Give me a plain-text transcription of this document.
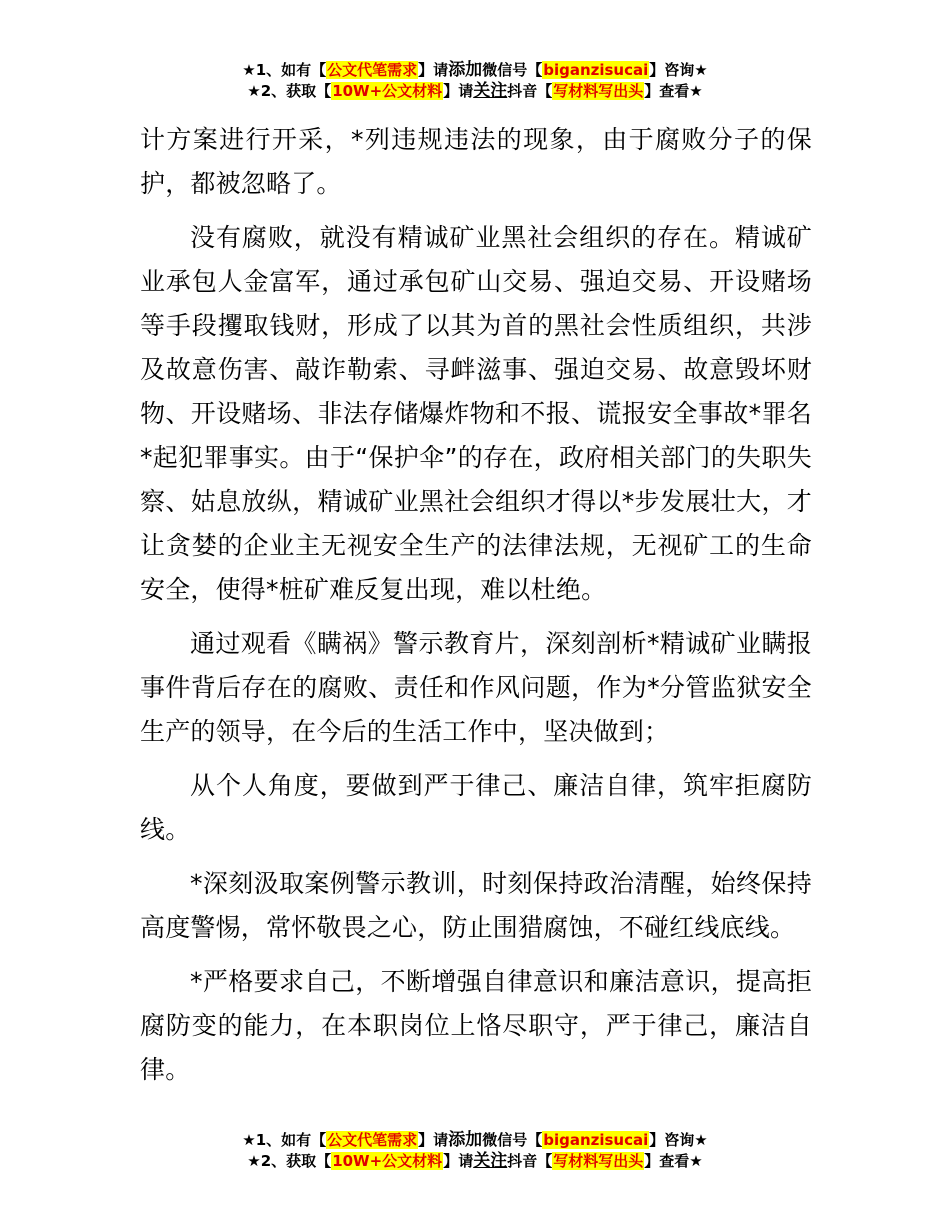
★1、如有【公文代笔需求】请添加微信号【biganzisucai】咨询★
★2、获取【10W+公文材料】请关注抖音【写材料写出头】查看★

计方案进行开采，*列违规违法的现象，由于腐败分子的保护，都被忽略了。

没有腐败，就没有精诚矿业黑社会组织的存在。精诚矿业承包人金富军，通过承包矿山交易、强迫交易、开设赌场等手段攫取钱财，形成了以其为首的黑社会性质组织，共涉及故意伤害、敲诈勒索、寻衅滋事、强迫交易、故意毁坏财物、开设赌场、非法存储爆炸物和不报、谎报安全事故*罪名*起犯罪事实。由于“保护伞”的存在，政府相关部门的失职失察、姑息放纵，精诚矿业黑社会组织才得以*步发展壮大，才让贪婪的企业主无视安全生产的法律法规，无视矿工的生命安全，使得*桩矿难反复出现，难以杜绝。

通过观看《瞒祸》警示教育片，深刻剖析*精诚矿业瞒报事件背后存在的腐败、责任和作风问题，作为*分管监狱安全生产的领导，在今后的生活工作中，坚决做到；

从个人角度，要做到严于律己、廉洁自律，筑牢拒腐防线。

*深刻汲取案例警示教训，时刻保持政治清醒，始终保持高度警惕，常怀敬畏之心，防止围猎腐蚀，不碰红线底线。

*严格要求自己，不断增强自律意识和廉洁意识，提高拒腐防变的能力，在本职岗位上恪尽职守，严于律己，廉洁自律。

★1、如有【公文代笔需求】请添加微信号【biganzisucai】咨询★
★2、获取【10W+公文材料】请关注抖音【写材料写出头】查看★
